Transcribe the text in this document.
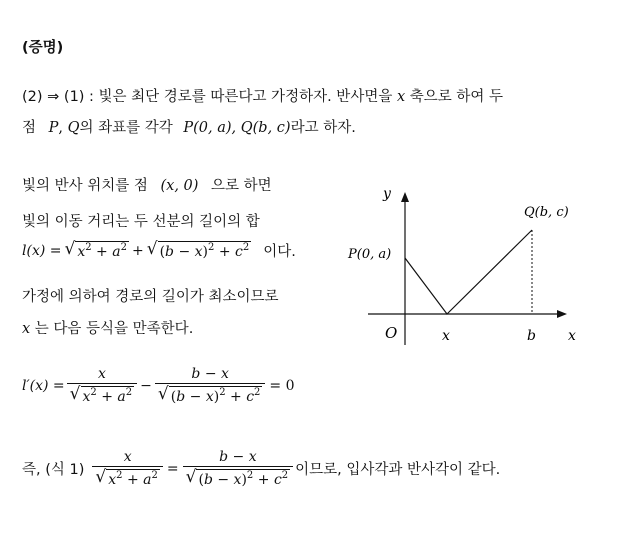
(증명)
(2) ⇒ (1) : 빛은 최단 경로를 따른다고 가정하자. 반사면을 x 축으로 하여 두
점 P, Q의 좌표를 각각 P(0, a), Q(b, c)라고 하자.
빛의 반사 위치를 점 (x, 0) 으로 하면
빛의 이동 거리는 두 선분의 길이의 합
l(x) = √ $x^2 + a^2$ + √ $(b - x)^2 + c^2$ 이다.
가정에 의하여 경로의 길이가 최소이므로
x 는 다음 등식을 만족한다.
$l'(x) = \frac{x}{√ x^2 + a^2} - \frac{b - x}{√ (b - x)^2 + c^2} = 0$
즉, (식 $1) \frac{x}{√ x^2 + a^2} = \frac{b - x}{√ (b - x)^2 + c^2}$ 이므로, 입사각과 반사각이 같다.
y
x
O
P(0, a)
Q(b, c)
x	b
